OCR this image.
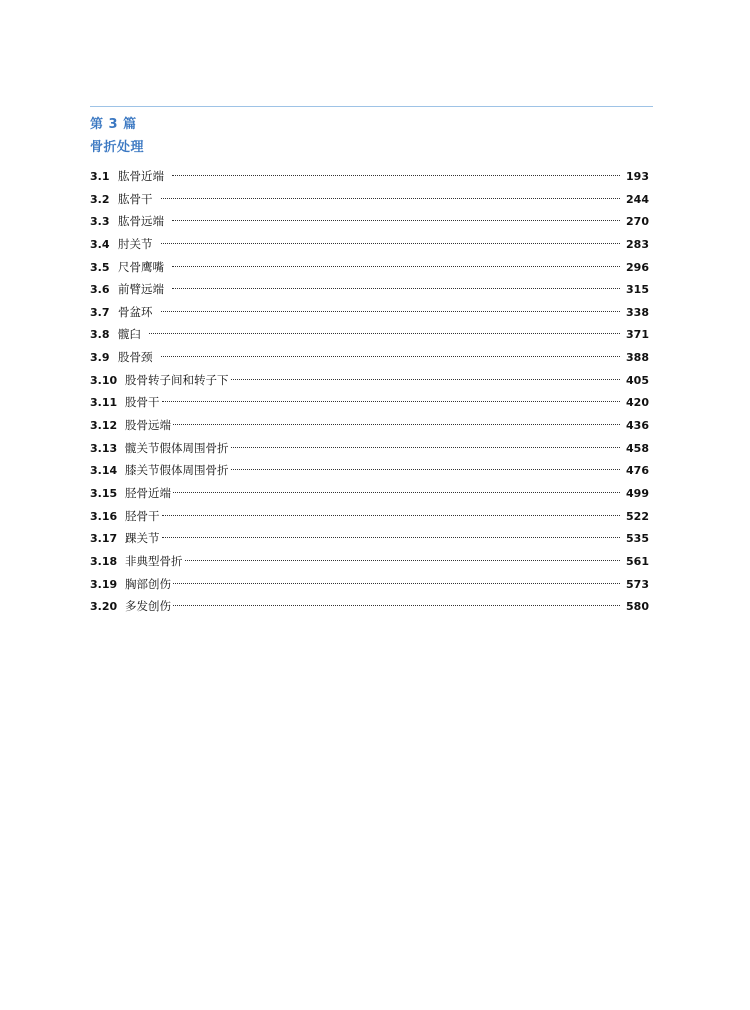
第 3 篇
骨折处理
3.1 肱骨近端	193
3.2 肱骨干	244
3.3 肱骨远端	270
3.4 肘关节	283
3.5 尺骨鹰嘴	296
3.6 前臂远端	315
3.7 骨盆环	338
3.8 髋臼	371
3.9 股骨颈	388
3.10 股骨转子间和转子下	405
3.11 股骨干	420
3.12 股骨远端	436
3.13 髋关节假体周围骨折	458
3.14 膝关节假体周围骨折	476
3.15 胫骨近端	499
3.16 胫骨干	522
3.17 踝关节	535
3.18 非典型骨折	561
3.19 胸部创伤	573
3.20 多发创伤	580
